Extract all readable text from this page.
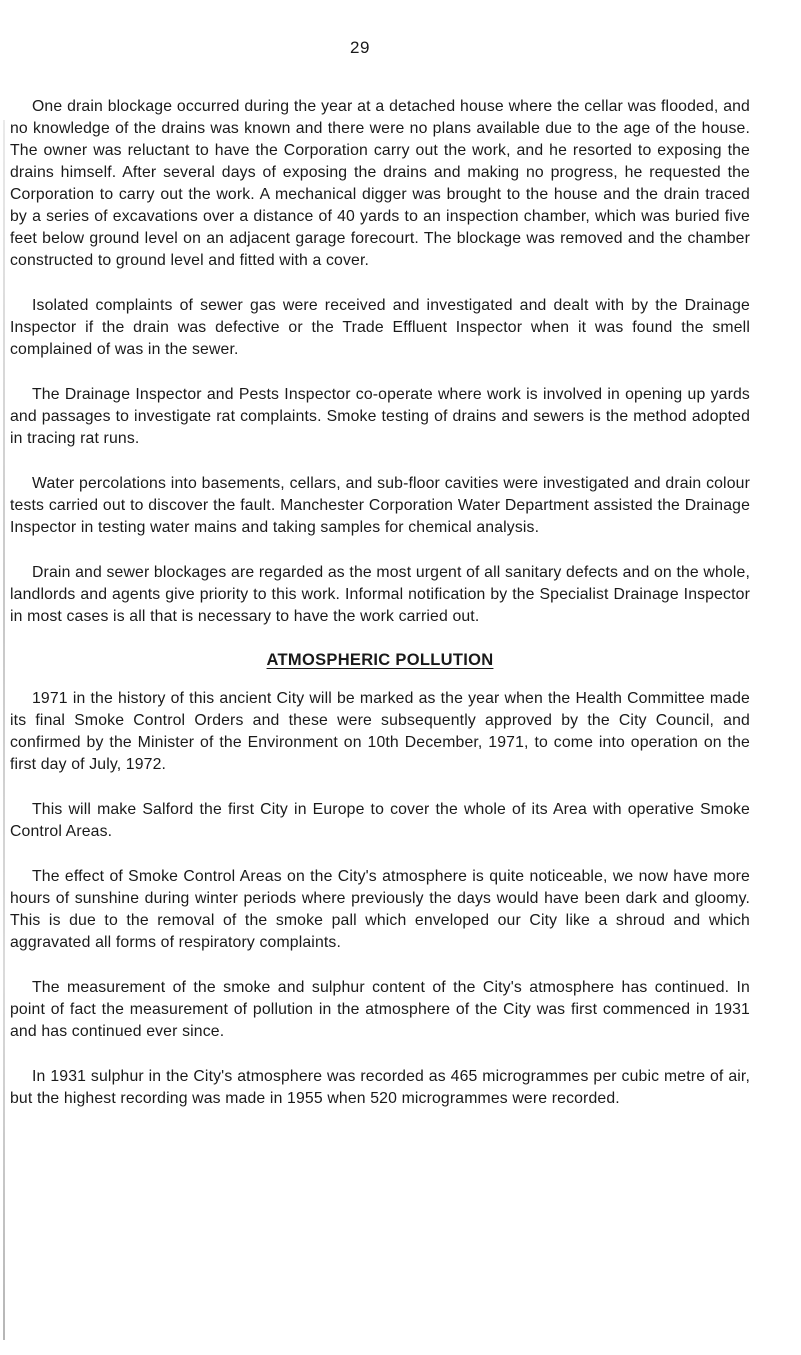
29

One drain blockage occurred during the year at a detached house where the cellar was flooded, and no knowledge of the drains was known and there were no plans available due to the age of the house. The owner was reluctant to have the Corporation carry out the work, and he resorted to exposing the drains himself. After several days of exposing the drains and making no progress, he requested the Corporation to carry out the work. A mechanical digger was brought to the house and the drain traced by a series of excavations over a distance of 40 yards to an inspection chamber, which was buried five feet below ground level on an adjacent garage forecourt. The blockage was removed and the chamber constructed to ground level and fitted with a cover.

Isolated complaints of sewer gas were received and investigated and dealt with by the Drainage Inspector if the drain was defective or the Trade Effluent Inspector when it was found the smell complained of was in the sewer.

The Drainage Inspector and Pests Inspector co-operate where work is involved in opening up yards and passages to investigate rat complaints. Smoke testing of drains and sewers is the method adopted in tracing rat runs.

Water percolations into basements, cellars, and sub-floor cavities were investigated and drain colour tests carried out to discover the fault. Manchester Corporation Water Department assisted the Drainage Inspector in testing water mains and taking samples for chemical analysis.

Drain and sewer blockages are regarded as the most urgent of all sanitary defects and on the whole, landlords and agents give priority to this work. Informal notification by the Specialist Drainage Inspector in most cases is all that is necessary to have the work carried out.

ATMOSPHERIC POLLUTION

1971 in the history of this ancient City will be marked as the year when the Health Committee made its final Smoke Control Orders and these were subsequently approved by the City Council, and confirmed by the Minister of the Environment on 10th December, 1971, to come into operation on the first day of July, 1972.

This will make Salford the first City in Europe to cover the whole of its Area with operative Smoke Control Areas.

The effect of Smoke Control Areas on the City's atmosphere is quite noticeable, we now have more hours of sunshine during winter periods where previously the days would have been dark and gloomy. This is due to the removal of the smoke pall which enveloped our City like a shroud and which aggravated all forms of respiratory complaints.

The measurement of the smoke and sulphur content of the City's atmosphere has continued. In point of fact the measurement of pollution in the atmosphere of the City was first commenced in 1931 and has continued ever since.

In 1931 sulphur in the City's atmosphere was recorded as 465 microgrammes per cubic metre of air, but the highest recording was made in 1955 when 520 microgrammes were recorded.
